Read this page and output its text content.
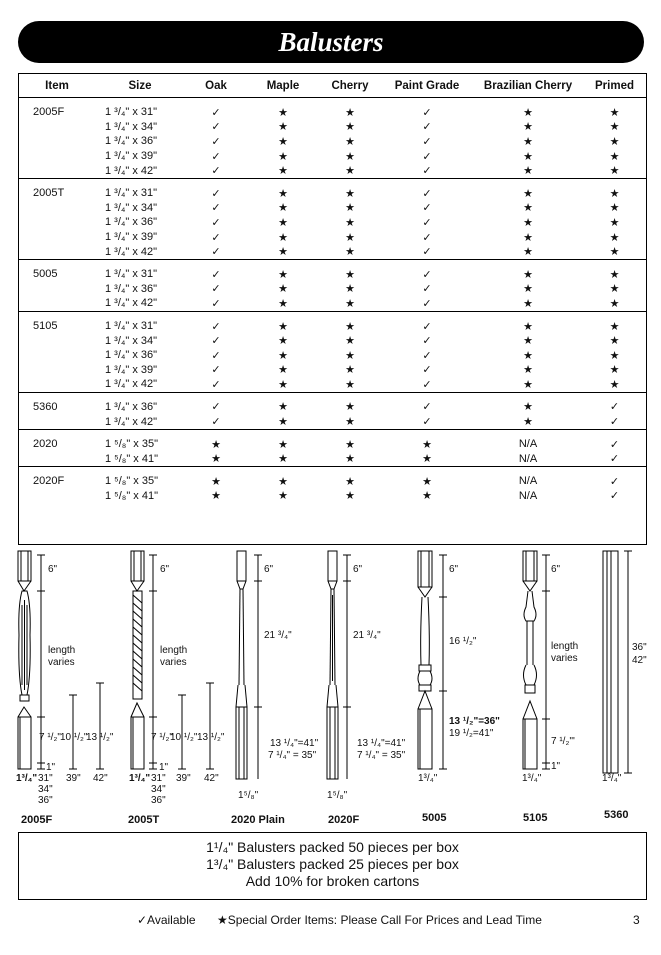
Balusters
Item	Size	Oak	Maple	Cherry	Paint Grade	Brazilian Cherry	Primed
2005F	1 ³/₄" x 31"	✓	★	★	✓	★	★
1 ³/₄" x 34"	✓	★	★	✓	★	★
1 ³/₄" x 36"	✓	★	★	✓	★	★
1 ³/₄" x 39"	✓	★	★	✓	★	★
1 ³/₄" x 42"	✓	★	★	✓	★	★
2005T	1 ³/₄" x 31"	✓	★	★	✓	★	★
1 ³/₄" x 34"	✓	★	★	✓	★	★
1 ³/₄" x 36"	✓	★	★	✓	★	★
1 ³/₄" x 39"	✓	★	★	✓	★	★
1 ³/₄" x 42"	✓	★	★	✓	★	★
5005	1 ³/₄" x 31"	✓	★	★	✓	★	★
1 ³/₄" x 36"	✓	★	★	✓	★	★
1 ³/₄" x 42"	✓	★	★	✓	★	★
5105	1 ³/₄" x 31"	✓	★	★	✓	★	★
1 ³/₄" x 34"	✓	★	★	✓	★	★
1 ³/₄" x 36"	✓	★	★	✓	★	★
1 ³/₄" x 39"	✓	★	★	✓	★	★
1 ³/₄" x 42"	✓	★	★	✓	★	★
5360	1 ³/₄" x 36"	✓	★	★	✓	★	✓
1 ³/₄" x 42"	✓	★	★	✓	★	✓
2020	1 ⁵/₈" x 35"	★	★	★	★	N/A	✓
1 ⁵/₈" x 41"	★	★	★	★	N/A	✓
2020F	1 ⁵/₈" x 35"	★	★	★	★	N/A	✓
1 ⁵/₈" x 41"	★	★	★	★	N/A	✓
6"
length
varies
7 ¹/₂" 10 ¹/₂"
13 ¹/₂"
1"
1³/₄" 31"
34"
36"
39" 42"
2005F
6"
length
varies
7 ¹/₂"
10 ¹/₂" 13 ¹/₂"
1"
1³/₄" 31"
34"
36"
39" 42"
2005T
6"
21 ³/₄"
13 ¹/₄"=41"
7 ¹/₄" = 35"
1⁵/₈"
2020 Plain
6"
21 ³/₄"
13 ¹/₄"=41"
7 ¹/₄" = 35"
1⁵/₈"
2020F
6"
16 ¹/₂"
13 ¹/₂"=36"
19 ¹/₂=41"
1³/₄"
5005
6"
length
varies
7 ¹/₂'"
1"
1³/₄"
5105
36"
42"
1³/₄"
5360
1¹/₄" Balusters packed 50 pieces per box
1³/₄" Balusters packed 25 pieces per box
Add 10% for broken cartons
✓Available ★Special Order Items: Please Call For Prices and Lead Time	3
